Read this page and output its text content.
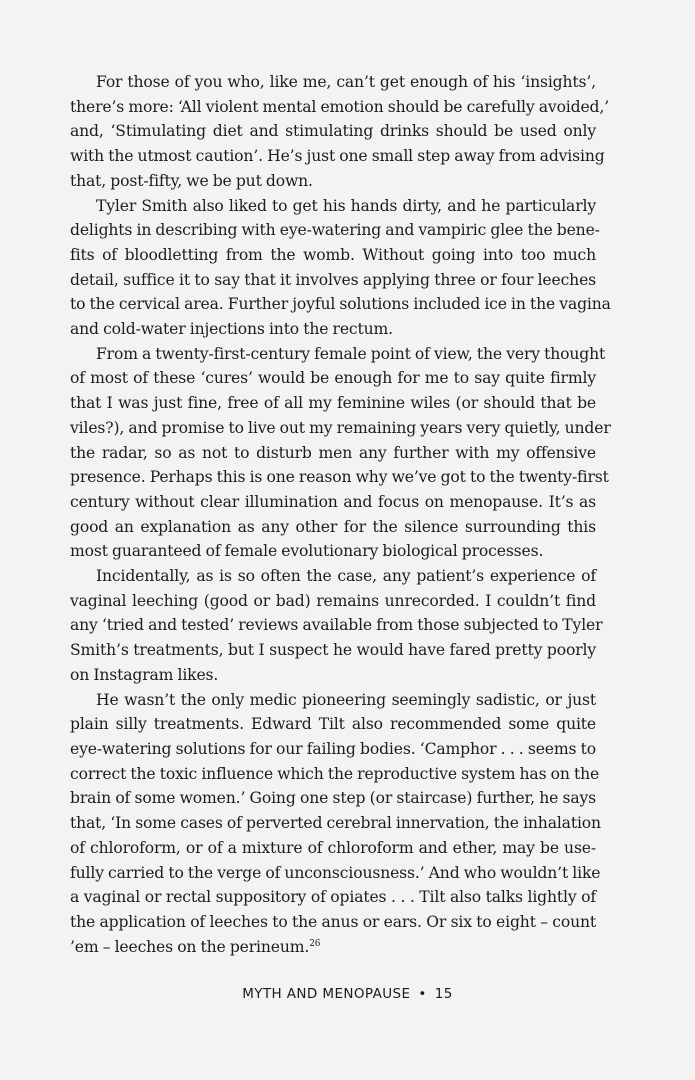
For those of you who, like me, can’t get enough of his ‘insights’,
there’s more: ‘All violent mental emotion should be carefully avoided,’
and, ‘Stimulating diet and stimulating drinks should be used only
with the utmost caution’. He’s just one small step away from advising
that, post-fifty, we be put down.

Tyler Smith also liked to get his hands dirty, and he particularly
delights in describing with eye-watering and vampiric glee the bene-
fits of bloodletting from the womb. Without going into too much
detail, suffice it to say that it involves applying three or four leeches
to the cervical area. Further joyful solutions included ice in the vagina
and cold-water injections into the rectum.

From a twenty-first-century female point of view, the very thought
of most of these ‘cures’ would be enough for me to say quite firmly
that I was just fine, free of all my feminine wiles (or should that be
viles?), and promise to live out my remaining years very quietly, under
the radar, so as not to disturb men any further with my offensive
presence. Perhaps this is one reason why we’ve got to the twenty-first
century without clear illumination and focus on menopause. It’s as
good an explanation as any other for the silence surrounding this
most guaranteed of female evolutionary biological processes.

Incidentally, as is so often the case, any patient’s experience of
vaginal leeching (good or bad) remains unrecorded. I couldn’t find
any ‘tried and tested’ reviews available from those subjected to Tyler
Smith’s treatments, but I suspect he would have fared pretty poorly
on Instagram likes.

He wasn’t the only medic pioneering seemingly sadistic, or just
plain silly treatments. Edward Tilt also recommended some quite
eye-watering solutions for our failing bodies. ‘Camphor . . . seems to
correct the toxic influence which the reproductive system has on the
brain of some women.’ Going one step (or staircase) further, he says
that, ‘In some cases of perverted cerebral innervation, the inhalation
of chloroform, or of a mixture of chloroform and ether, may be use-
fully carried to the verge of unconsciousness.’ And who wouldn’t like
a vaginal or rectal suppository of opiates . . . Tilt also talks lightly of
the application of leeches to the anus or ears. Or six to eight – count
’em – leeches on the perineum.$^{26}$

MYTH AND MENOPAUSE • 15
